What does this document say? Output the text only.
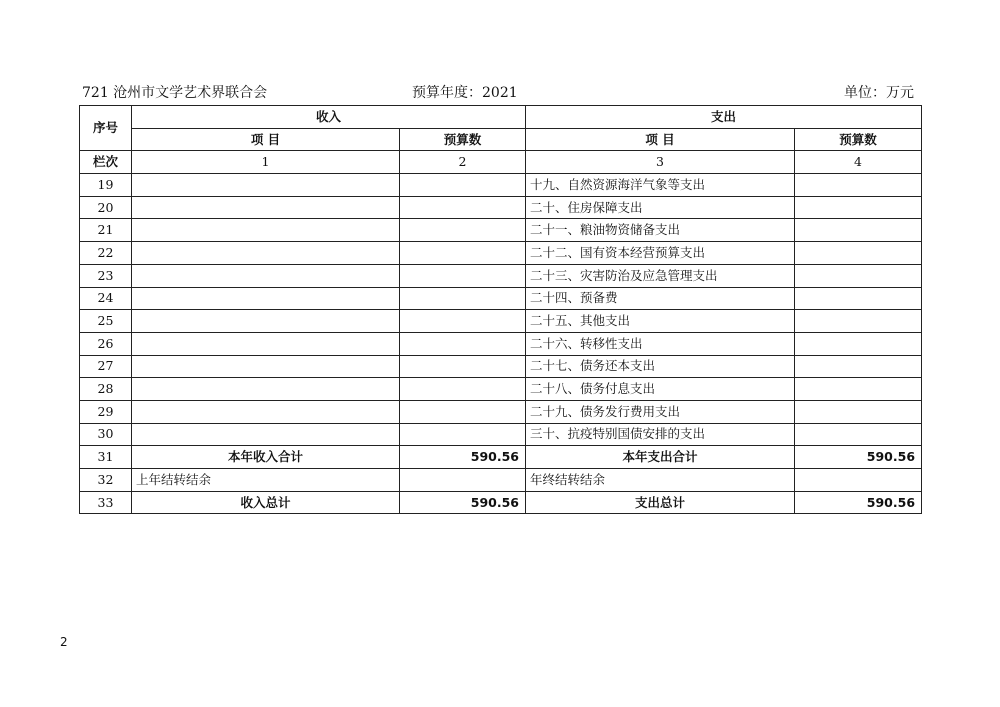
721 沧州市文学艺术界联合会	预算年度：2021	单位：万元
序号	收入		支出	
	项 目	预算数	项 目	预算数
栏次	1	2	3	4
19			十九、自然资源海洋气象等支出	
20			二十、住房保障支出	
21			二十一、粮油物资储备支出	
22			二十二、国有资本经营预算支出	
23			二十三、灾害防治及应急管理支出	
24			二十四、预备费	
25			二十五、其他支出	
26			二十六、转移性支出	
27			二十七、债务还本支出	
28			二十八、债务付息支出	
29			二十九、债务发行费用支出	
30			三十、抗疫特别国债安排的支出	
31	本年收入合计	590.56	本年支出合计	590.56
32	上年结转结余		年终结转结余	
33	收入总计	590.56	支出总计	590.56
2
